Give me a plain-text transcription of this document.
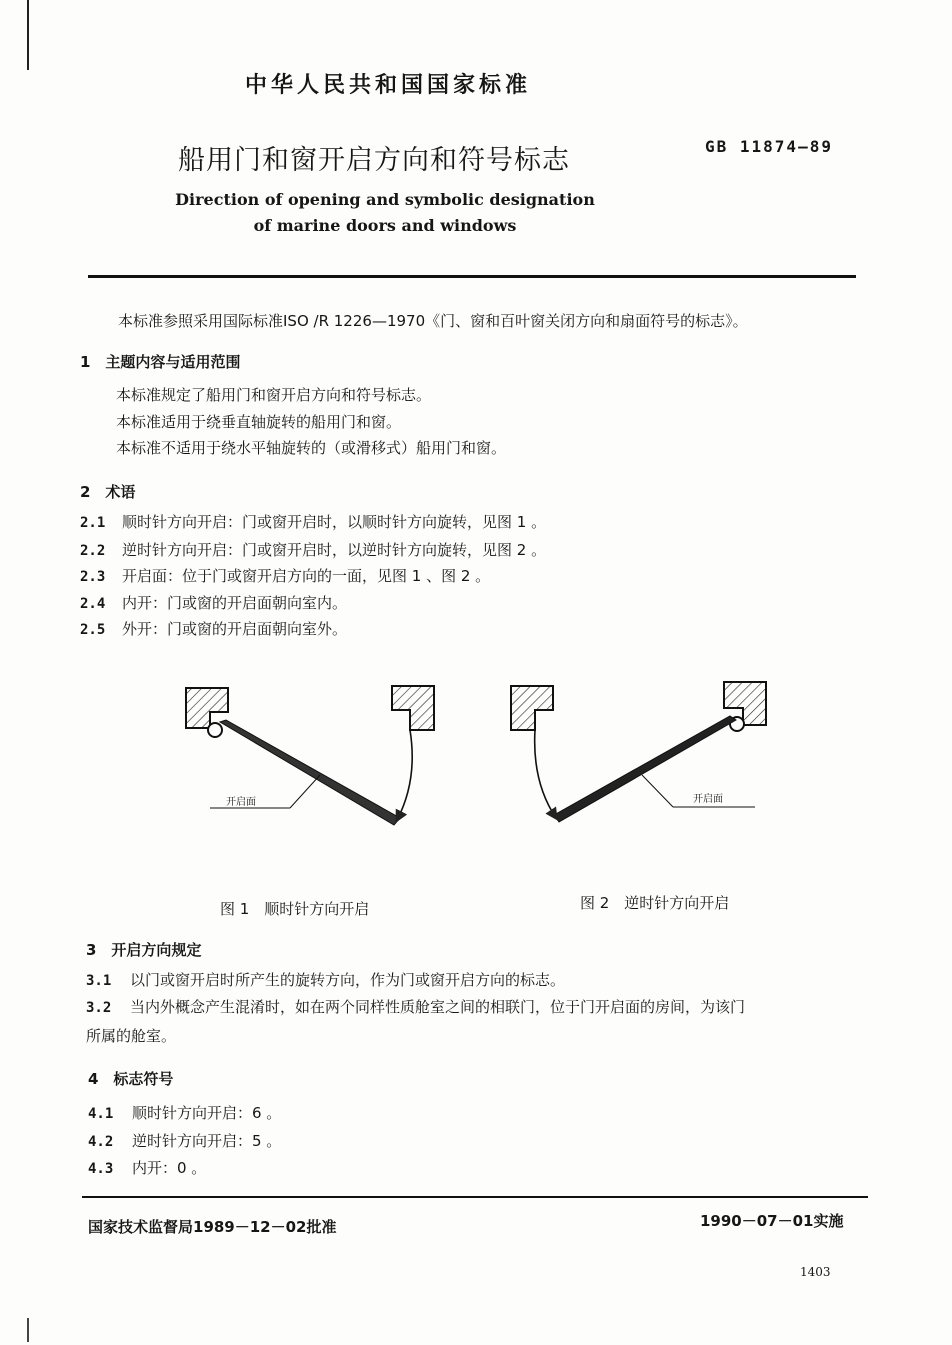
中华人民共和国国家标准
船用门和窗开启方向和符号标志	GB 11874—89
Direction of opening and symbolic designation
of marine doors and windows
本标准参照采用国际标准ISO /R 1226—1970《门、窗和百叶窗关闭方向和扇面符号的标志》。
1　主题内容与适用范围
本标准规定了船用门和窗开启方向和符号标志。
本标准适用于绕垂直轴旋转的船用门和窗。
本标准不适用于绕水平轴旋转的（或滑移式）船用门和窗。
2　术语
2.1 顺时针方向开启：门或窗开启时，以顺时针方向旋转，见图 1 。
2.2 逆时针方向开启：门或窗开启时，以逆时针方向旋转，见图 2 。
2.3 开启面：位于门或窗开启方向的一面，见图 1 、图 2 。
2.4 内开：门或窗的开启面朝向室内。
2.5 外开：门或窗的开启面朝向室外。
开启面	开启面
图 1　顺时针方向开启	图 2　逆时针方向开启
3　开启方向规定
3.1 以门或窗开启时所产生的旋转方向，作为门或窗开启方向的标志。
3.2 当内外概念产生混淆时，如在两个同样性质舱室之间的相联门，位于门开启面的房间，为该门
所属的舱室。
4　标志符号
4.1 顺时针方向开启：6 。
4.2 逆时针方向开启：5 。
4.3 内开：0 。
国家技术监督局1989－12－02批准	1990－07－01实施
1403
